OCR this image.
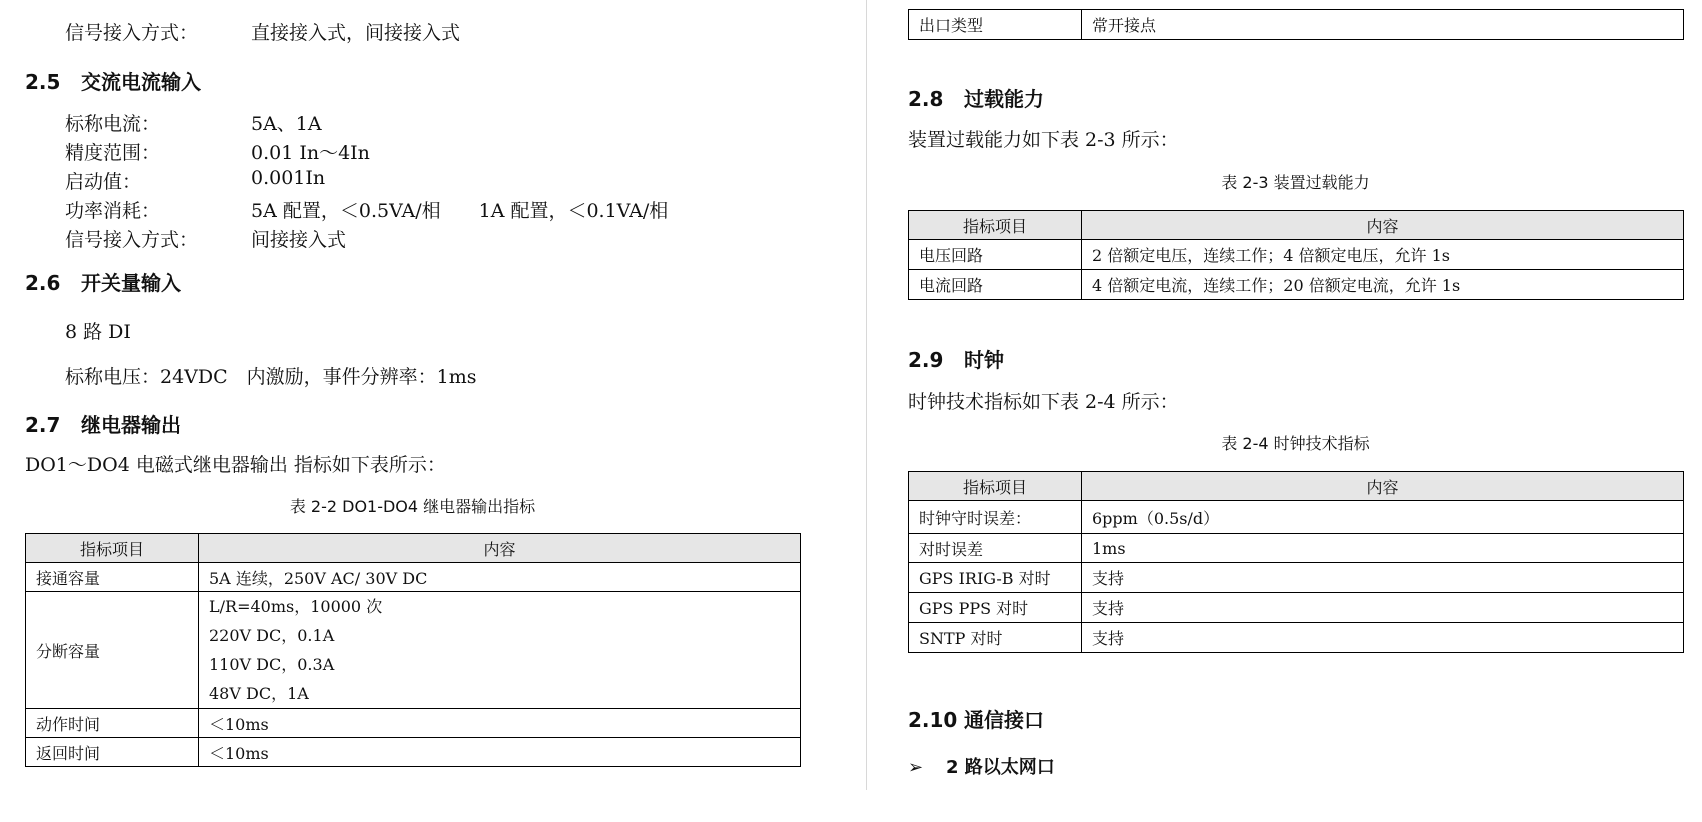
信号接入方式：	直接接入式，间接接入式
2.5 交流电流输入
标称电流：	5A、1A
精度范围：	0.01 In～4In
启动值：	0.001In
功率消耗：	5A 配置，＜0.5VA/相　　1A 配置，＜0.1VA/相
信号接入方式：	间接接入式
2.6 开关量输入
8 路 DI
标称电压：24VDC　内激励，事件分辨率：1ms
2.7 继电器输出
DO1～DO4 电磁式继电器输出 指标如下表所示：
表 2-2 DO1-DO4 继电器输出指标
指标项目	内容
接通容量	5A 连续，250V AC/ 30V DC
分断容量	L/R=40ms，10000 次
220V DC，0.1A
110V DC，0.3A
48V DC，1A

动作时间	＜10ms
返回时间	＜10ms
出口类型	常开接点
2.8 过载能力
装置过载能力如下表 2-3 所示：
表 2-3 装置过载能力
指标项目	内容
电压回路	2 倍额定电压，连续工作；4 倍额定电压，允许 1s
电流回路	4 倍额定电流，连续工作；20 倍额定电流，允许 1s
2.9 时钟
时钟技术指标如下表 2-4 所示：
表 2-4 时钟技术指标
指标项目	内容
时钟守时误差：	6ppm（0.5s/d）
对时误差	1ms
GPS IRIG-B 对时	支持
GPS PPS 对时	支持
SNTP 对时	支持
2.10 通信接口
➢ 2 路以太网口
